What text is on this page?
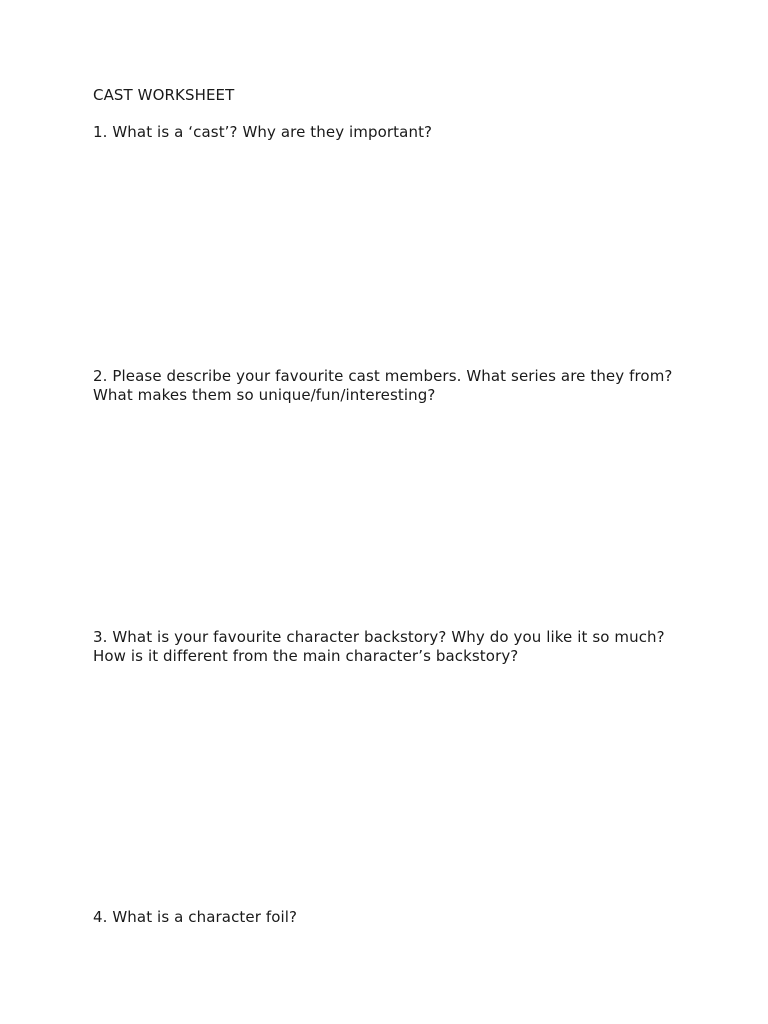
CAST WORKSHEET

1. What is a ‘cast’? Why are they important?

2. Please describe your favourite cast members. What series are they from? What makes them so unique/fun/interesting?

3. What is your favourite character backstory? Why do you like it so much? How is it different from the main character’s backstory?

4. What is a character foil?
